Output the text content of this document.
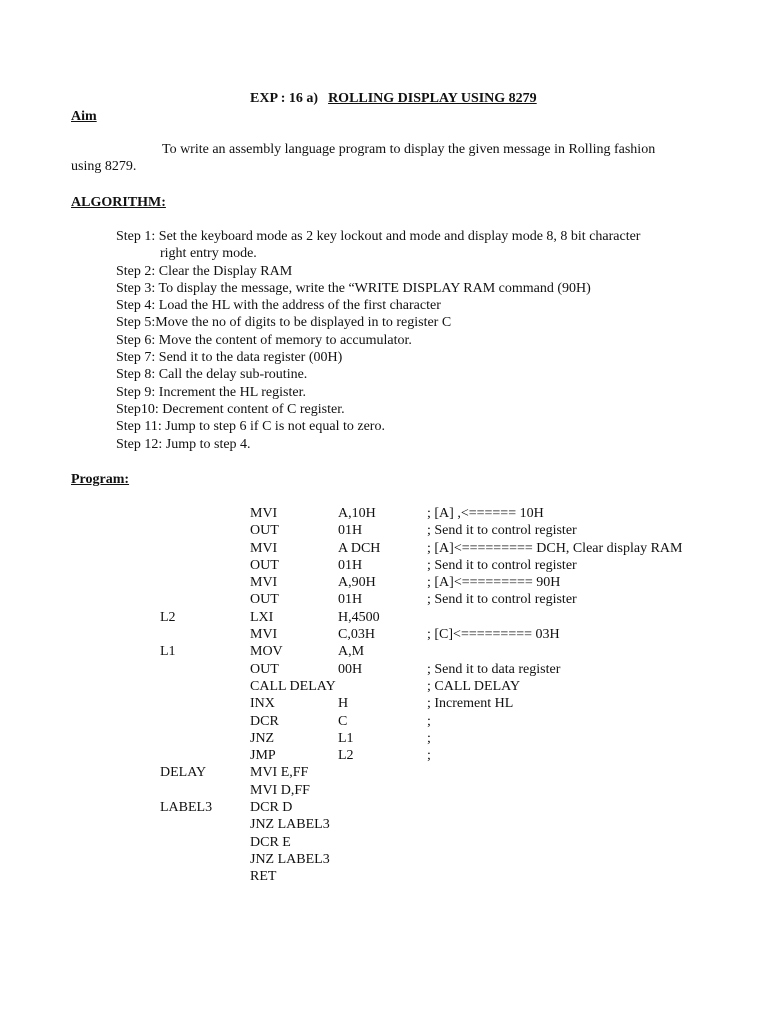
EXP : 16 a) ROLLING DISPLAY USING 8279
Aim
To write an assembly language program to display the given message in Rolling fashion
using 8279.
ALGORITHM:
Step 1: Set the keyboard mode as 2 key lockout and mode and display mode 8, 8 bit character
right entry mode.
Step 2: Clear the Display RAM
Step 3: To display the message, write the “WRITE DISPLAY RAM command (90H)
Step 4: Load the HL with the address of the first character
Step 5:Move the no of digits to be displayed in to register C
Step 6: Move the content of memory to accumulator.
Step 7: Send it to the data register (00H)
Step 8: Call the delay sub-routine.
Step 9: Increment the HL register.
Step10: Decrement content of C register.
Step 11: Jump to step 6 if C is not equal to zero.
Step 12: Jump to step 4.
Program:
MVI	A,10H	; [A] ,<====== 10H
OUT	01H	; Send it to control register
MVI	A DCH	; [A]<========= DCH, Clear display RAM
OUT	01H	; Send it to control register
MVI	A,90H	; [A]<========= 90H
OUT	01H	; Send it to control register
L2	LXI	H,4500
MVI	C,03H	; [C]<========= 03H
L1	MOV	A,M
OUT	00H	; Send it to data register
CALL DELAY	; CALL DELAY
INX	H	; Increment HL
DCR	C	;
JNZ	L1	;
JMP	L2	;
DELAY	MVI E,FF
MVI D,FF
LABEL3	DCR D
JNZ LABEL3
DCR E
JNZ LABEL3
RET
